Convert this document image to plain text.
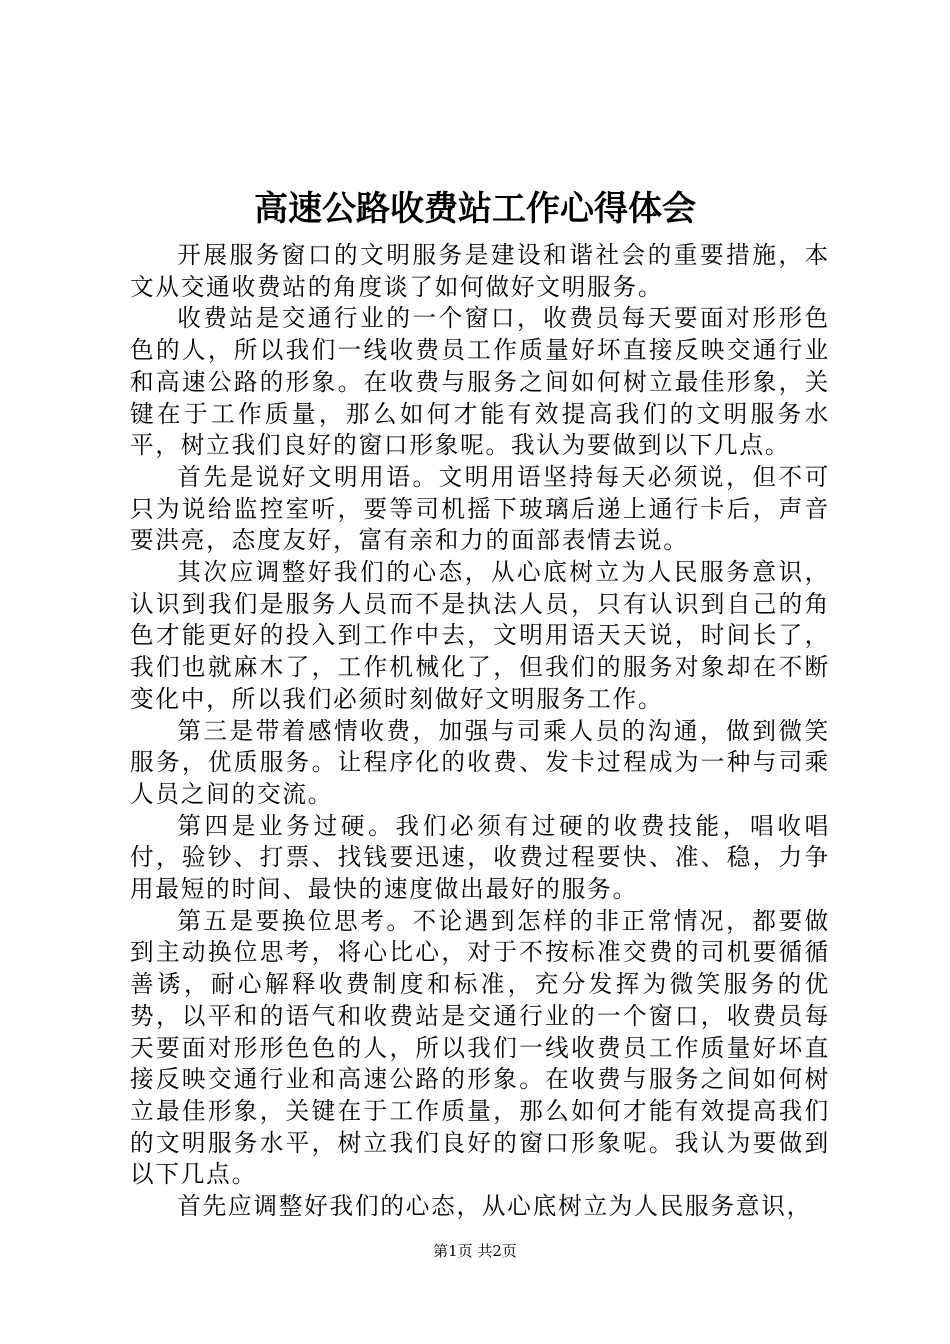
高速公路收费站工作心得体会

开展服务窗口的文明服务是建设和谐社会的重要措施，本文从交通收费站的角度谈了如何做好文明服务。

收费站是交通行业的一个窗口，收费员每天要面对形形色色的人，所以我们一线收费员工作质量好坏直接反映交通行业和高速公路的形象。在收费与服务之间如何树立最佳形象，关键在于工作质量，那么如何才能有效提高我们的文明服务水平，树立我们良好的窗口形象呢。我认为要做到以下几点。

首先是说好文明用语。文明用语坚持每天必须说，但不可只为说给监控室听，要等司机摇下玻璃后递上通行卡后，声音要洪亮，态度友好，富有亲和力的面部表情去说。

其次应调整好我们的心态，从心底树立为人民服务意识，认识到我们是服务人员而不是执法人员，只有认识到自己的角色才能更好的投入到工作中去，文明用语天天说，时间长了，我们也就麻木了，工作机械化了，但我们的服务对象却在不断变化中，所以我们必须时刻做好文明服务工作。

第三是带着感情收费，加强与司乘人员的沟通，做到微笑服务，优质服务。让程序化的收费、发卡过程成为一种与司乘人员之间的交流。

第四是业务过硬。我们必须有过硬的收费技能，唱收唱付，验钞、打票、找钱要迅速，收费过程要快、准、稳，力争用最短的时间、最快的速度做出最好的服务。

第五是要换位思考。不论遇到怎样的非正常情况，都要做到主动换位思考，将心比心，对于不按标准交费的司机要循循善诱，耐心解释收费制度和标准，充分发挥为微笑服务的优势，以平和的语气和收费站是交通行业的一个窗口，收费员每天要面对形形色色的人，所以我们一线收费员工作质量好坏直接反映交通行业和高速公路的形象。在收费与服务之间如何树立最佳形象，关键在于工作质量，那么如何才能有效提高我们的文明服务水平，树立我们良好的窗口形象呢。我认为要做到以下几点。

首先应调整好我们的心态，从心底树立为人民服务意识，

第1页 共2页
